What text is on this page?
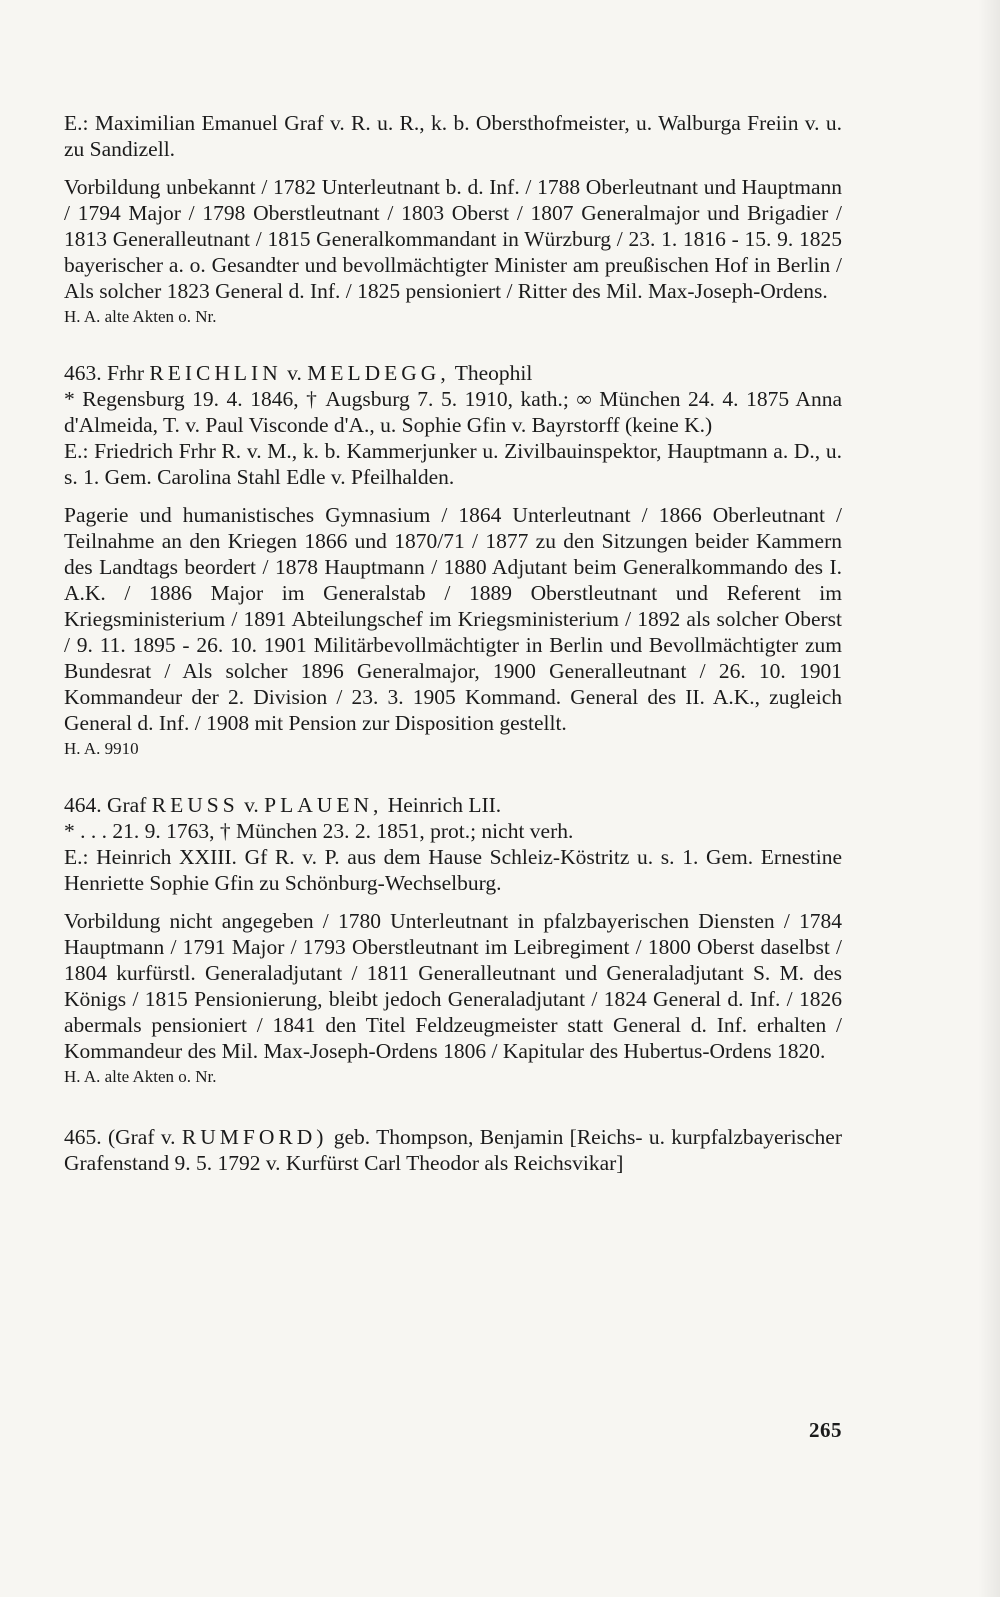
E.: Maximilian Emanuel Graf v. R. u. R., k. b. Obersthofmeister, u. Walburga Freiin v. u. zu Sandizell.

Vorbildung unbekannt / 1782 Unterleutnant b. d. Inf. / 1788 Oberleutnant und Hauptmann / 1794 Major / 1798 Oberstleutnant / 1803 Oberst / 1807 Generalmajor und Brigadier / 1813 Generalleutnant / 1815 Generalkommandant in Würzburg / 23. 1. 1816 - 15. 9. 1825 bayerischer a. o. Gesandter und bevollmächtigter Minister am preußischen Hof in Berlin / Als solcher 1823 General d. Inf. / 1825 pensioniert / Ritter des Mil. Max-Joseph-Ordens.

H. A. alte Akten o. Nr.

463. Frhr REICHLIN v. MELDEGG, Theophil

* Regensburg 19. 4. 1846, † Augsburg 7. 5. 1910, kath.; ∞ München 24. 4. 1875 Anna d'Almeida, T. v. Paul Visconde d'A., u. Sophie Gfin v. Bayrstorff (keine K.)

E.: Friedrich Frhr R. v. M., k. b. Kammerjunker u. Zivilbauinspektor, Hauptmann a. D., u. s. 1. Gem. Carolina Stahl Edle v. Pfeilhalden.

Pagerie und humanistisches Gymnasium / 1864 Unterleutnant / 1866 Oberleutnant / Teilnahme an den Kriegen 1866 und 1870/71 / 1877 zu den Sitzungen beider Kammern des Landtags beordert / 1878 Hauptmann / 1880 Adjutant beim Generalkommando des I. A.K. / 1886 Major im Generalstab / 1889 Oberstleutnant und Referent im Kriegsministerium / 1891 Abteilungschef im Kriegsministerium / 1892 als solcher Oberst / 9. 11. 1895 - 26. 10. 1901 Militärbevollmächtigter in Berlin und Bevollmächtigter zum Bundesrat / Als solcher 1896 Generalmajor, 1900 Generalleutnant / 26. 10. 1901 Kommandeur der 2. Division / 23. 3. 1905 Kommand. General des II. A.K., zugleich General d. Inf. / 1908 mit Pension zur Disposition gestellt.

H. A. 9910

464. Graf REUSS v. PLAUEN, Heinrich LII.

* . . . 21. 9. 1763, † München 23. 2. 1851, prot.; nicht verh.

E.: Heinrich XXIII. Gf R. v. P. aus dem Hause Schleiz-Köstritz u. s. 1. Gem. Ernestine Henriette Sophie Gfin zu Schönburg-Wechselburg.

Vorbildung nicht angegeben / 1780 Unterleutnant in pfalzbayerischen Diensten / 1784 Hauptmann / 1791 Major / 1793 Oberstleutnant im Leibregiment / 1800 Oberst daselbst / 1804 kurfürstl. Generaladjutant / 1811 Generalleutnant und Generaladjutant S. M. des Königs / 1815 Pensionierung, bleibt jedoch Generaladjutant / 1824 General d. Inf. / 1826 abermals pensioniert / 1841 den Titel Feldzeugmeister statt General d. Inf. erhalten / Kommandeur des Mil. Max-Joseph-Ordens 1806 / Kapitular des Hubertus-Ordens 1820.

H. A. alte Akten o. Nr.

465. (Graf v. RUMFORD) geb. Thompson, Benjamin [Reichs- u. kurpfalzbayerischer Grafenstand 9. 5. 1792 v. Kurfürst Carl Theodor als Reichsvikar]

265
